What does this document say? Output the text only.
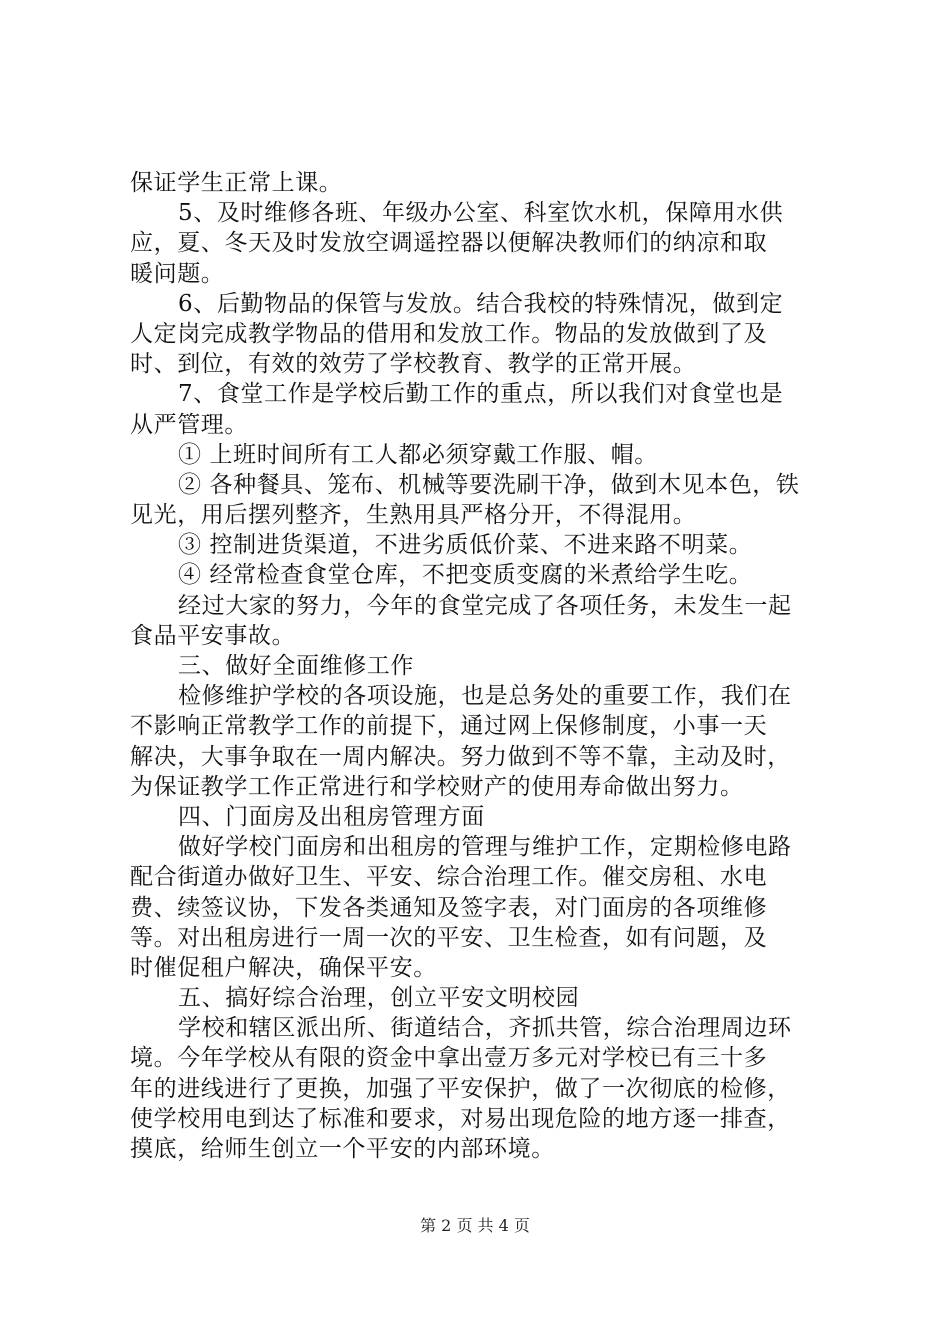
保证学生正常上课。
5、及时维修各班、年级办公室、科室饮水机，保障用水供
应，夏、冬天及时发放空调遥控器以便解决教师们的纳凉和取
暖问题。
6、后勤物品的保管与发放。结合我校的特殊情况，做到定
人定岗完成教学物品的借用和发放工作。物品的发放做到了及
时、到位，有效的效劳了学校教育、教学的正常开展。
7、食堂工作是学校后勤工作的重点，所以我们对食堂也是
从严管理。
① 上班时间所有工人都必须穿戴工作服、帽。
② 各种餐具、笼布、机械等要洗刷干净，做到木见本色，铁
见光，用后摆列整齐，生熟用具严格分开，不得混用。
③ 控制进货渠道，不进劣质低价菜、不进来路不明菜。
④ 经常检查食堂仓库，不把变质变腐的米煮给学生吃。
经过大家的努力，今年的食堂完成了各项任务，未发生一起
食品平安事故。
三、做好全面维修工作
检修维护学校的各项设施，也是总务处的重要工作，我们在
不影响正常教学工作的前提下，通过网上保修制度，小事一天
解决，大事争取在一周内解决。努力做到不等不靠，主动及时，
为保证教学工作正常进行和学校财产的使用寿命做出努力。
四、门面房及出租房管理方面
做好学校门面房和出租房的管理与维护工作，定期检修电路
配合街道办做好卫生、平安、综合治理工作。催交房租、水电
费、续签议协，下发各类通知及签字表，对门面房的各项维修
等。对出租房进行一周一次的平安、卫生检查，如有问题，及
时催促租户解决，确保平安。
五、搞好综合治理，创立平安文明校园
学校和辖区派出所、街道结合，齐抓共管，综合治理周边环
境。今年学校从有限的资金中拿出壹万多元对学校已有三十多
年的进线进行了更换，加强了平安保护，做了一次彻底的检修，
使学校用电到达了标准和要求，对易出现危险的地方逐一排查，
摸底，给师生创立一个平安的内部环境。
第 2 页 共 4 页
